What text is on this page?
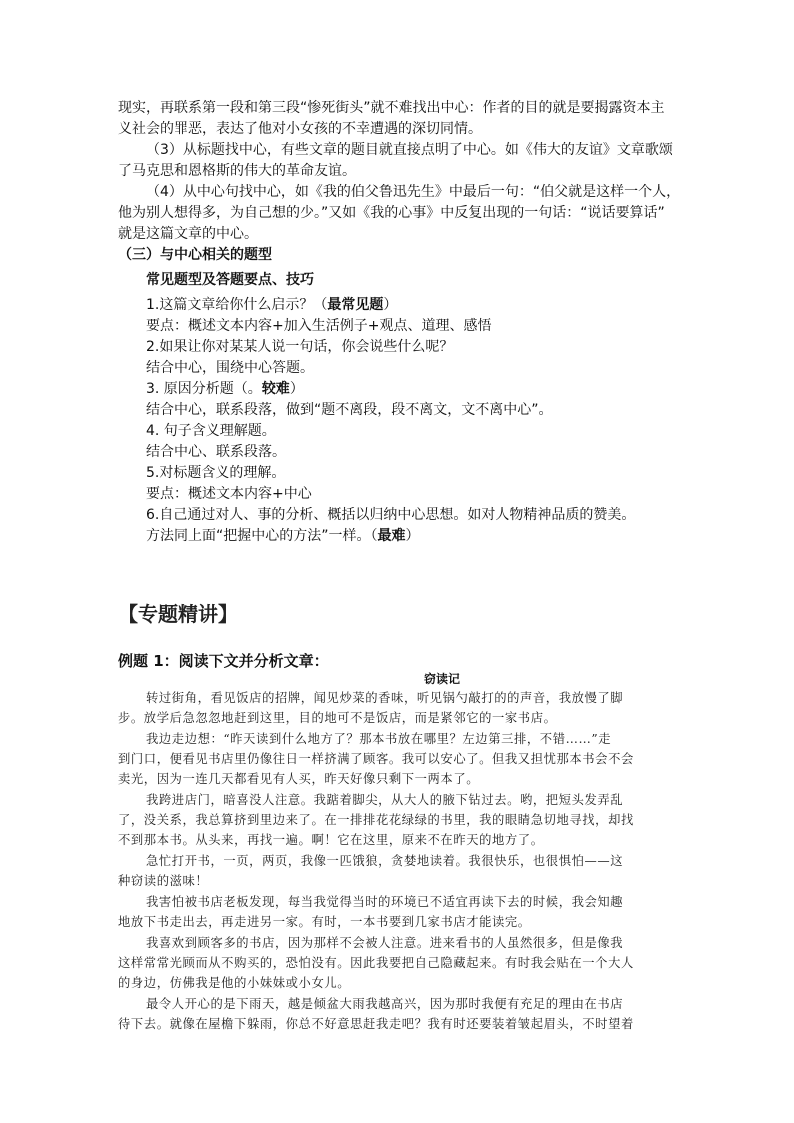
现实，再联系第一段和第三段“惨死街头”就不难找出中心：作者的目的就是要揭露资本主
义社会的罪恶，表达了他对小女孩的不幸遭遇的深切同情。
（3）从标题找中心，有些文章的题目就直接点明了中心。如《伟大的友谊》文章歌颂
了马克思和恩格斯的伟大的革命友谊。
（4）从中心句找中心，如《我的伯父鲁迅先生》中最后一句：“伯父就是这样一个人，
他为别人想得多，为自己想的少。”又如《我的心事》中反复出现的一句话：“说话要算话”
就是这篇文章的中心。
（三）与中心相关的题型
常见题型及答题要点、技巧
1.这篇文章给你什么启示？（最常见题）
要点：概述文本内容+加入生活例子+观点、道理、感悟
2.如果让你对某某人说一句话，你会说些什么呢？
结合中心，围绕中心答题。
3. 原因分析题（。较难）
结合中心，联系段落，做到“题不离段，段不离文，文不离中心”。
4. 句子含义理解题。
结合中心、联系段落。
5.对标题含义的理解。
要点：概述文本内容+中心
6.自己通过对人、事的分析、概括以归纳中心思想。如对人物精神品质的赞美。
方法同上面“把握中心的方法”一样。（最难）
【专题精讲】
例题 1：阅读下文并分析文章：
窃读记
转过街角，看见饭店的招牌，闻见炒菜的香味，听见锅勺敲打的的声音，我放慢了脚
步。放学后急忽忽地赶到这里，目的地可不是饭店，而是紧邻它的一家书店。
我边走边想：“昨天读到什么地方了？那本书放在哪里？左边第三排，不错……”走
到门口，便看见书店里仍像往日一样挤满了顾客。我可以安心了。但我又担忧那本书会不会
卖光，因为一连几天都看见有人买，昨天好像只剩下一两本了。
我跨进店门，暗喜没人注意。我踮着脚尖，从大人的腋下钻过去。哟，把短头发弄乱
了，没关系，我总算挤到里边来了。在一排排花花绿绿的书里，我的眼睛急切地寻找，却找
不到那本书。从头来，再找一遍。啊！它在这里，原来不在昨天的地方了。
急忙打开书，一页，两页，我像一匹饿狼，贪婪地读着。我很快乐，也很惧怕——这
种窃读的滋味！
我害怕被书店老板发现，每当我觉得当时的环境已不适宜再读下去的时候，我会知趣
地放下书走出去，再走进另一家。有时，一本书要到几家书店才能读完。
我喜欢到顾客多的书店，因为那样不会被人注意。进来看书的人虽然很多，但是像我
这样常常光顾而从不购买的，恐怕没有。因此我要把自己隐藏起来。有时我会贴在一个大人
的身边，仿佛我是他的小妹妹或小女儿。
最令人开心的是下雨天，越是倾盆大雨我越高兴，因为那时我便有充足的理由在书店
待下去。就像在屋檐下躲雨，你总不好意思赶我走吧？我有时还要装着皱起眉头，不时望着
